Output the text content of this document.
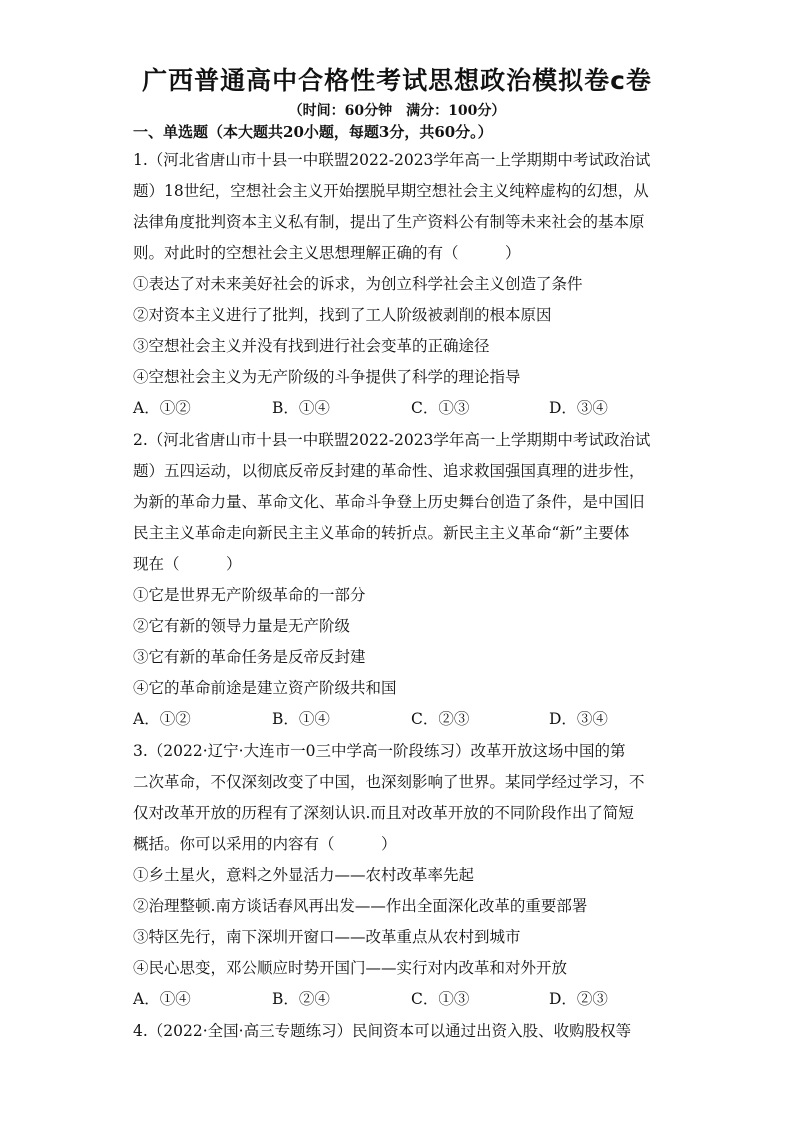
广西普通高中合格性考试思想政治模拟卷c卷
（时间：60分钟　满分：100分）
一、单选题（本大题共20小题，每题3分，共60分。）
1.（河北省唐山市十县一中联盟2022-2023学年高一上学期期中考试政治试
题）18世纪，空想社会主义开始摆脱早期空想社会主义纯粹虚构的幻想，从
法律角度批判资本主义私有制，提出了生产资料公有制等未来社会的基本原
则。对此时的空想社会主义思想理解正确的有（　　　）
①表达了对未来美好社会的诉求，为创立科学社会主义创造了条件
②对资本主义进行了批判，找到了工人阶级被剥削的根本原因
③空想社会主义并没有找到进行社会变革的正确途径
④空想社会主义为无产阶级的斗争提供了科学的理论指导
A．①②	B．①④	C．①③	D．③④
2.（河北省唐山市十县一中联盟2022-2023学年高一上学期期中考试政治试
题）五四运动，以彻底反帝反封建的革命性、追求救国强国真理的进步性，
为新的革命力量、革命文化、革命斗争登上历史舞台创造了条件，是中国旧
民主主义革命走向新民主主义革命的转折点。新民主主义革命“新”主要体
现在（　　　）
①它是世界无产阶级革命的一部分
②它有新的领导力量是无产阶级
③它有新的革命任务是反帝反封建
④它的革命前途是建立资产阶级共和国
A．①②	B．①④	C．②③	D．③④
3.（2022·辽宁·大连市一0三中学高一阶段练习）改革开放这场中国的第
二次革命，不仅深刻改变了中国，也深刻影响了世界。某同学经过学习，不
仅对改革开放的历程有了深刻认识.而且对改革开放的不同阶段作出了简短
概括。你可以采用的内容有（　　　）
①乡土星火，意料之外显活力——农村改革率先起
②治理整顿.南方谈话春风再出发——作出全面深化改革的重要部署
③特区先行，南下深圳开窗口——改革重点从农村到城市
④民心思变，邓公顺应时势开国门——实行对内改革和对外开放
A．①④	B．②④	C．①③	D．②③
4.（2022·全国·高三专题练习）民间资本可以通过出资入股、收购股权等
